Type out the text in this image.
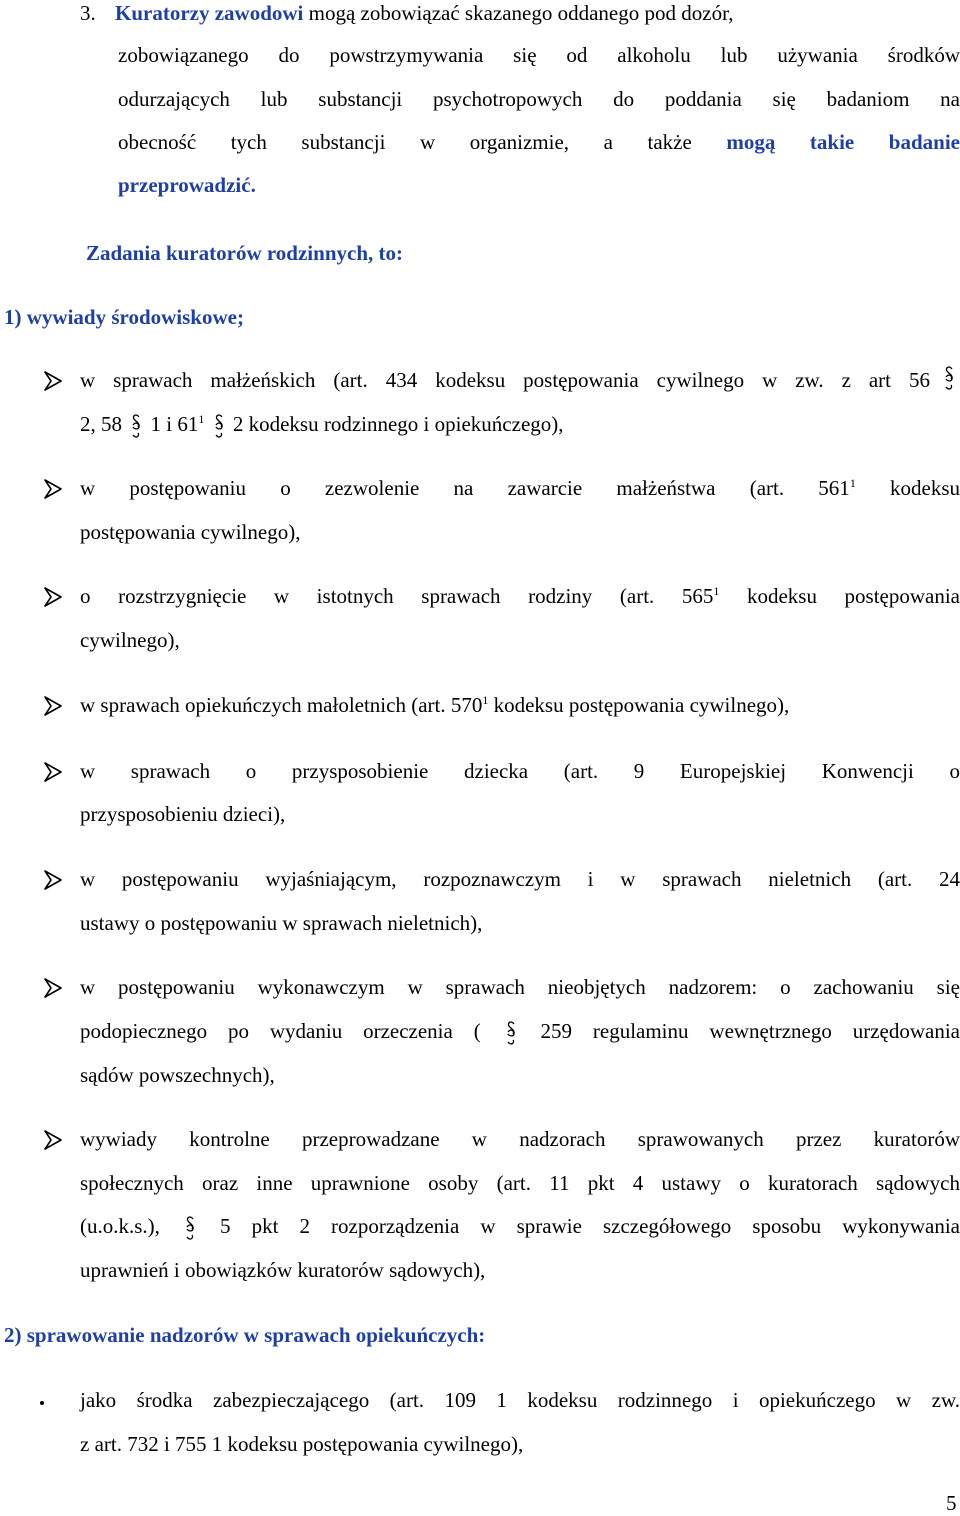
3. Kuratorzy zawodowi mogą zobowiązać skazanego oddanego pod dozór,
zobowiązanego do powstrzymywania się od alkoholu lub używania środków
odurzających lub substancji psychotropowych do poddania się badaniom na
obecność tych substancji w organizmie, a także mogą takie badanie
przeprowadzić.
Zadania kuratorów rodzinnych, to:
1) wywiady środowiskowe;
w sprawach małżeńskich (art. 434 kodeksu postępowania cywilnego w zw. z art 56
2, 58 1 i $61^1$ 2 kodeksu rodzinnego i opiekuńczego),
w postępowaniu o zezwolenie na zawarcie małżeństwa (art. $561^1$ kodeksu
postępowania cywilnego),
o rozstrzygnięcie w istotnych sprawach rodziny (art. $565^1$ kodeksu postępowania
cywilnego),
w sprawach opiekuńczych małoletnich (art. $570^1$ kodeksu postępowania cywilnego),
w sprawach o przysposobienie dziecka (art. 9 Europejskiej Konwencji o
przysposobieniu dzieci),
w postępowaniu wyjaśniającym, rozpoznawczym i w sprawach nieletnich (art. 24
ustawy o postępowaniu w sprawach nieletnich),
w postępowaniu wykonawczym w sprawach nieobjętych nadzorem: o zachowaniu się
podopiecznego po wydaniu orzeczenia (	259 regulaminu wewnętrznego urzędowania
sądów powszechnych),
wywiady kontrolne przeprowadzane w nadzorach sprawowanych przez kuratorów
społecznych oraz inne uprawnione osoby (art. 11 pkt 4 ustawy o kuratorach sądowych
(u.o.k.s.),	5 pkt 2 rozporządzenia w sprawie szczegółowego sposobu wykonywania
uprawnień i obowiązków kuratorów sądowych),
2) sprawowanie nadzorów w sprawach opiekuńczych:
jako środka zabezpieczającego (art. 109 1 kodeksu rodzinnego i opiekuńczego w zw.
z art. 732 i 755 1 kodeksu postępowania cywilnego),
5
